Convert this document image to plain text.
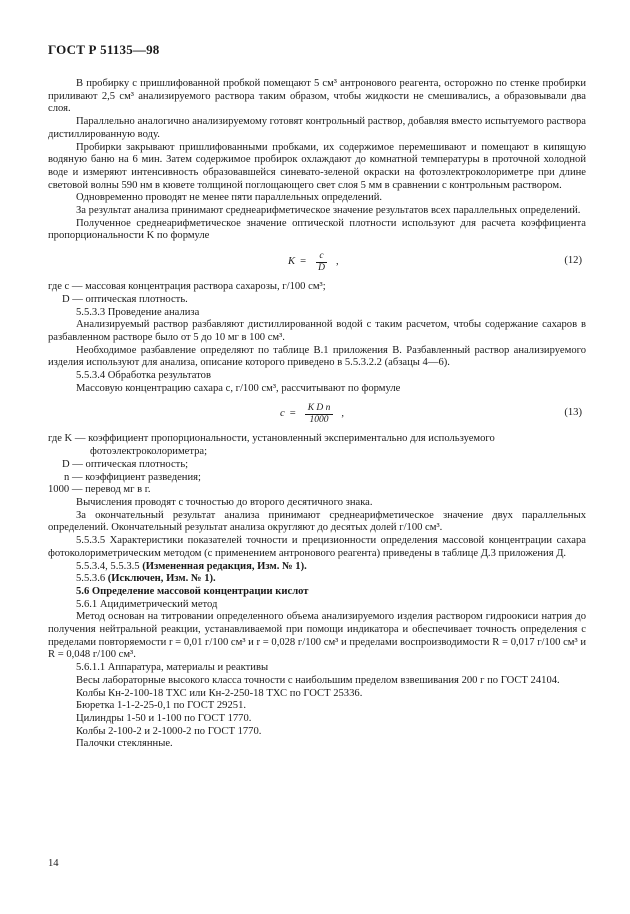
ГОСТ Р 51135—98

В пробирку с пришлифованной пробкой помещают 5 см³ антронового реагента, осторожно по стенке пробирки приливают 2,5 см³ анализируемого раствора таким образом, чтобы жидкости не смешивались, а образовывали два слоя.

Параллельно аналогично анализируемому готовят контрольный раствор, добавляя вместо испытуемого раствора дистиллированную воду.

Пробирки закрывают пришлифованными пробками, их содержимое перемешивают и помещают в кипящую водяную баню на 6 мин. Затем содержимое пробирок охлаждают до комнатной температуры в проточной холодной воде и измеряют интенсивность образовавшейся синевато-зеленой окраски на фотоэлектроколориметре при длине световой волны 590 нм в кювете толщиной поглощающего свет слоя 5 мм в сравнении с контрольным раствором.

Одновременно проводят не менее пяти параллельных определений.

За результат анализа принимают среднеарифметическое значение результатов всех параллельных определений.

Полученное среднеарифметическое значение оптической плотности используют для расчета коэффициента пропорциональности K по формуле

$K = \frac{c}{D}$ ,	(12)

где c — массовая концентрация раствора сахарозы, г/100 см³;

D — оптическая плотность.

5.5.3.3 Проведение анализа

Анализируемый раствор разбавляют дистиллированной водой с таким расчетом, чтобы содержание сахаров в разбавленном растворе было от 5 до 10 мг в 100 см³.

Необходимое разбавление определяют по таблице В.1 приложения В. Разбавленный раствор анализируемого изделия используют для анализа, описание которого приведено в 5.5.3.2.2 (абзацы 4—6).

5.5.3.4 Обработка результатов

Массовую концентрацию сахара c, г/100 см³, рассчитывают по формуле

$c = \frac{\text{K D n}}{1000}$ ,	(13)

где K — коэффициент пропорциональности, установленный экспериментально для используемого

фотоэлектроколориметра;

D — оптическая плотность;

n — коэффициент разведения;

1000 — перевод мг в г.

Вычисления проводят с точностью до второго десятичного знака.

За окончательный результат анализа принимают среднеарифметическое значение двух параллельных определений. Окончательный результат анализа округляют до десятых долей г/100 см³.

5.5.3.5 Характеристики показателей точности и прецизионности определения массовой концентрации сахара фотоколориметрическим методом (с применением антронового реагента) приведены в таблице Д.3 приложения Д.

5.5.3.4, 5.5.3.5 (Измененная редакция, Изм. № 1).

5.5.3.6 (Исключен, Изм. № 1).

5.6 Определение массовой концентрации кислот

5.6.1 Ацидиметрический метод

Метод основан на титровании определенного объема анализируемого изделия раствором гидроокиси натрия до получения нейтральной реакции, устанавливаемой при помощи индикатора и обеспечивает точность определения с пределами повторяемости r = 0,01 г/100 см³ и r = 0,028 г/100 см³ и пределами воспроизводимости R = 0,017 г/100 см³ и R = 0,048 г/100 см³.

5.6.1.1 Аппаратура, материалы и реактивы

Весы лабораторные высокого класса точности с наибольшим пределом взвешивания 200 г по ГОСТ 24104.

Колбы Кн-2-100-18 ТХС или Кн-2-250-18 ТХС по ГОСТ 25336.

Бюретка 1-1-2-25-0,1 по ГОСТ 29251.

Цилиндры 1-50 и 1-100 по ГОСТ 1770.

Колбы 2-100-2 и 2-1000-2 по ГОСТ 1770.

Палочки стеклянные.

14
